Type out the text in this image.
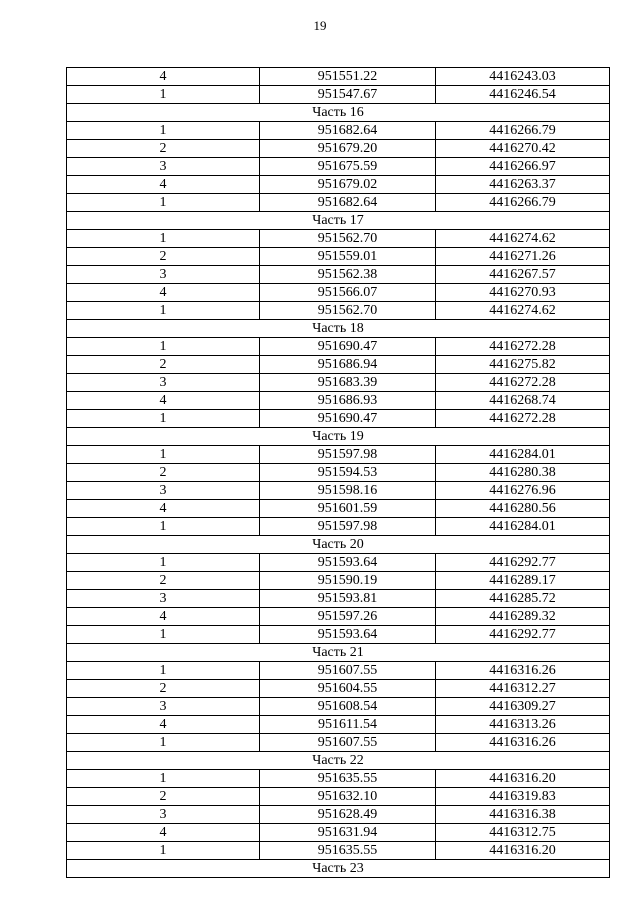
19
4	951551.22	4416243.03
1	951547.67	4416246.54
Часть 16		
1	951682.64	4416266.79
2	951679.20	4416270.42
3	951675.59	4416266.97
4	951679.02	4416263.37
1	951682.64	4416266.79
Часть 17		
1	951562.70	4416274.62
2	951559.01	4416271.26
3	951562.38	4416267.57
4	951566.07	4416270.93
1	951562.70	4416274.62
Часть 18		
1	951690.47	4416272.28
2	951686.94	4416275.82
3	951683.39	4416272.28
4	951686.93	4416268.74
1	951690.47	4416272.28
Часть 19		
1	951597.98	4416284.01
2	951594.53	4416280.38
3	951598.16	4416276.96
4	951601.59	4416280.56
1	951597.98	4416284.01
Часть 20		
1	951593.64	4416292.77
2	951590.19	4416289.17
3	951593.81	4416285.72
4	951597.26	4416289.32
1	951593.64	4416292.77
Часть 21		
1	951607.55	4416316.26
2	951604.55	4416312.27
3	951608.54	4416309.27
4	951611.54	4416313.26
1	951607.55	4416316.26
Часть 22		
1	951635.55	4416316.20
2	951632.10	4416319.83
3	951628.49	4416316.38
4	951631.94	4416312.75
1	951635.55	4416316.20
Часть 23		
